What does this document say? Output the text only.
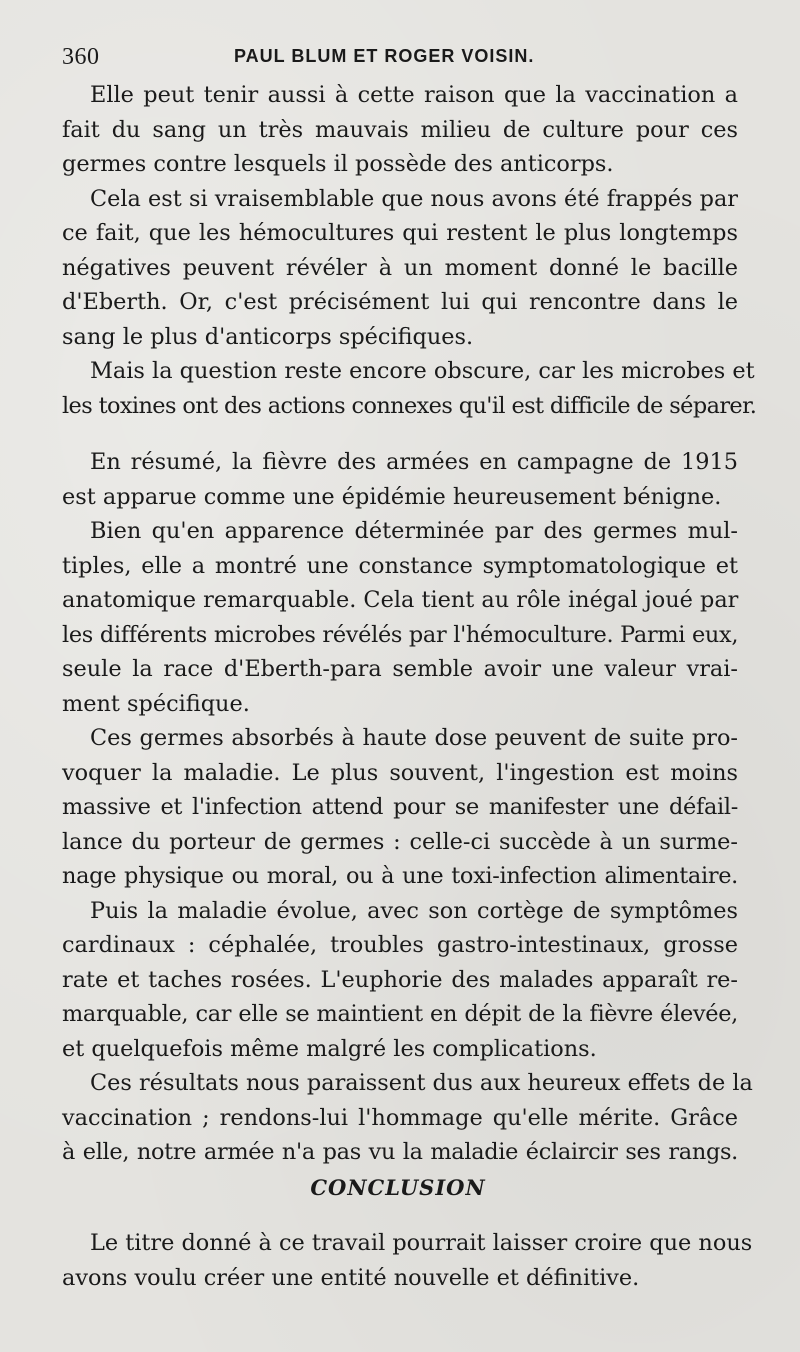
360	PAUL BLUM ET ROGER VOISIN.

Elle peut tenir aussi à cette raison que la vaccination a

fait du sang un très mauvais milieu de culture pour ces

germes contre lesquels il possède des anticorps.

Cela est si vraisemblable que nous avons été frappés par

ce fait, que les hémocultures qui restent le plus longtemps

négatives peuvent révéler à un moment donné le bacille

d'Eberth. Or, c'est précisément lui qui rencontre dans le

sang le plus d'anticorps spécifiques.

Mais la question reste encore obscure, car les microbes et

les toxines ont des actions connexes qu'il est difficile de séparer.

En résumé, la fièvre des armées en campagne de 1915

est apparue comme une épidémie heureusement bénigne.

Bien qu'en apparence déterminée par des germes mul-

tiples, elle a montré une constance symptomatologique et

anatomique remarquable. Cela tient au rôle inégal joué par

les différents microbes révélés par l'hémoculture. Parmi eux,

seule la race d'Eberth-para semble avoir une valeur vrai-

ment spécifique.

Ces germes absorbés à haute dose peuvent de suite pro-

voquer la maladie. Le plus souvent, l'ingestion est moins

massive et l'infection attend pour se manifester une défail-

lance du porteur de germes : celle-ci succède à un surme-

nage physique ou moral, ou à une toxi-infection alimentaire.

Puis la maladie évolue, avec son cortège de symptômes

cardinaux : céphalée, troubles gastro-intestinaux, grosse

rate et taches rosées. L'euphorie des malades apparaît re-

marquable, car elle se maintient en dépit de la fièvre élevée,

et quelquefois même malgré les complications.

Ces résultats nous paraissent dus aux heureux effets de la

vaccination ; rendons-lui l'hommage qu'elle mérite. Grâce

à elle, notre armée n'a pas vu la maladie éclaircir ses rangs.

CONCLUSION

Le titre donné à ce travail pourrait laisser croire que nous

avons voulu créer une entité nouvelle et définitive.
